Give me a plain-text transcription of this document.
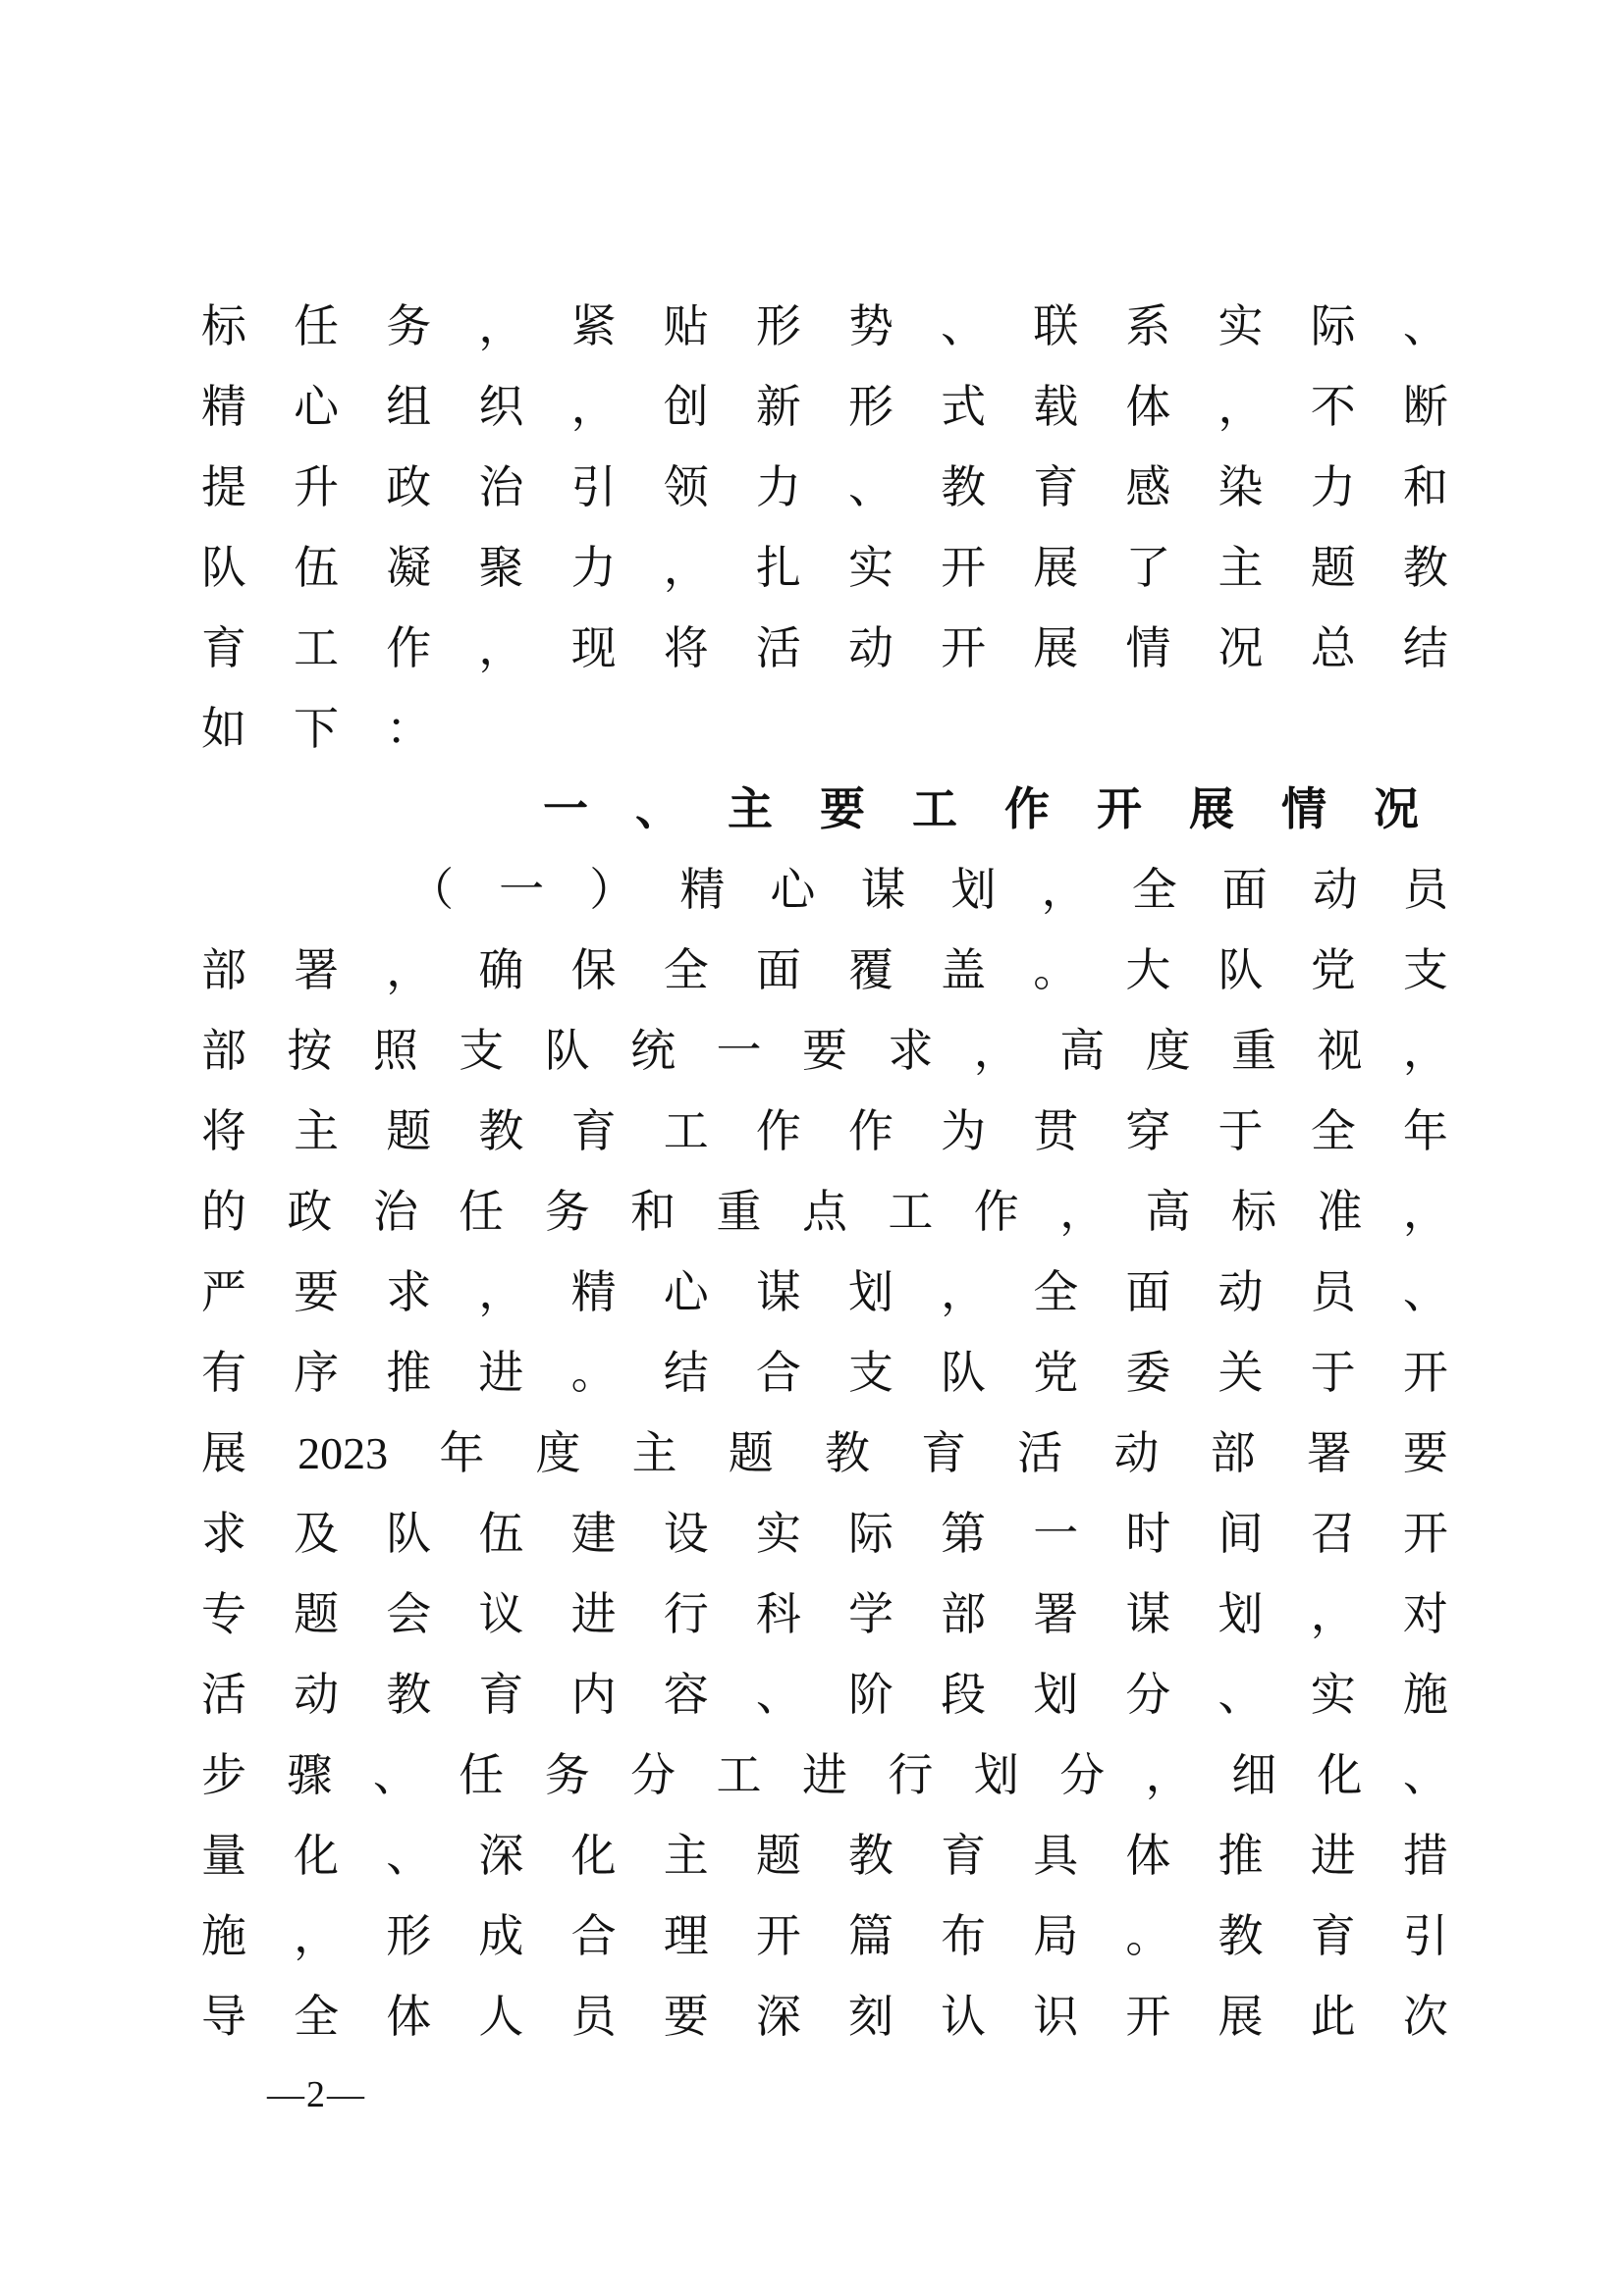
标 任 务 ， 紧 贴 形 势 、 联 系 实 际 、
精 心 组 织 ， 创 新 形 式 载 体 ， 不 断
提 升 政 治 引 领 力 、 教 育 感 染 力 和
队 伍 凝 聚 力 ， 扎 实 开 展 了 主 题 教
育 工 作 ， 现 将 活 动 开 展 情 况 总 结
如 下 ：
一 、 主 要 工 作 开 展 情 况
（ 一 ） 精 心 谋 划 ， 全 面 动 员
部 署 ， 确 保 全 面 覆 盖 。 大 队 党 支
部 按 照 支 队 统 一 要 求 ， 高 度 重 视 ，
将 主 题 教 育 工 作 作 为 贯 穿 于 全 年
的 政 治 任 务 和 重 点 工 作 ， 高 标 准 ，
严 要 求 ， 精 心 谋 划 ， 全 面 动 员 、
有 序 推 进 。 结 合 支 队 党 委 关 于 开
展 2023 年 度 主 题 教 育 活 动 部 署 要
求 及 队 伍 建 设 实 际 第 一 时 间 召 开
专 题 会 议 进 行 科 学 部 署 谋 划 ， 对
活 动 教 育 内 容 、 阶 段 划 分 、 实 施
步 骤 、 任 务 分 工 进 行 划 分 ， 细 化 、
量 化 、 深 化 主 题 教 育 具 体 推 进 措
施 ， 形 成 合 理 开 篇 布 局 。 教 育 引
导 全 体 人 员 要 深 刻 认 识 开 展 此 次
—2—
